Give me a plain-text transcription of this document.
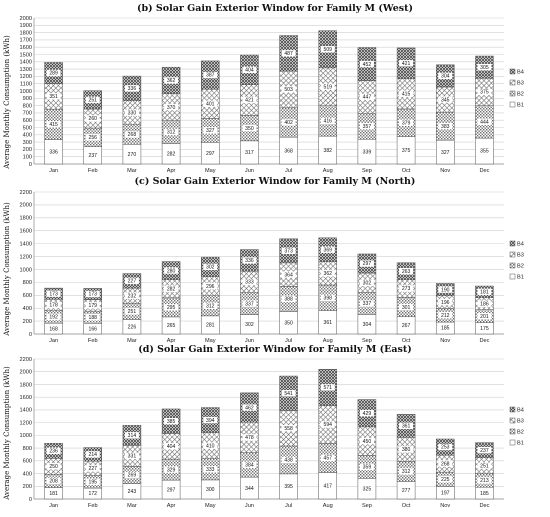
(b) Solar Gain Exterior Window for Family M (West)
Average Monthly Consumption (kWh)	0
100
200
300
400
500
600
700
800
900
1000
1100
1200
1300
1400
1500
1600
1700
1800
1900
2000
336
415
351
289
Jan
237
256
260
251
Feb
270
268
330
336
Mar
282
312
370
362
Apr
297
327
401
387
May
317
350
421
404
Jun
368
402
503
487
Jul
382
416
519
509
Aug
339
357
447
452
Sep
375
379
415
421
Oct
327
383
345
304
Nov
355
444
375
305
Dec
B4
B3
B2
B1
(c) Solar Gain Exterior Window for Family M (North)
Average Monthly Consumption (kWh)	0
200
400
600
800
1000
1200
1400
1600
1800
2000
2200
168
192
178
173
Jan
166
188
179
173
Feb
226
251
232
227
Mar
265
295
282
280
Apr
281
312
296
302
May
302
337
333
336
Jun
350
388
364
373
Jul
361
398
362
369
Aug
304
337
302
297
Sep
267
301
273
263
Oct
185
212
196
190
Nov
175
201
186
181
Dec
B4
B3
B2
B1
(d) Solar Gain Exterior Window for Family M (East)
Average Monthly Consumption (kWh)
0
200
400
600
800
1000
1200
1400
1600
1800
2000
2200
181
208
250
236
Jan
172
195
227
214
Feb
243
269
331
314
Mar
297
329
404
385
Apr
300
333
410
394
May
344
384
478
462
Jun
395
438
558
541
Jul
417
457
594
571
Aug
325
359
450
429
Sep
277
312
380
361
Oct
197
225
268
253
Nov
185
213
251
237
Dec
B4
B3
B2
B1
